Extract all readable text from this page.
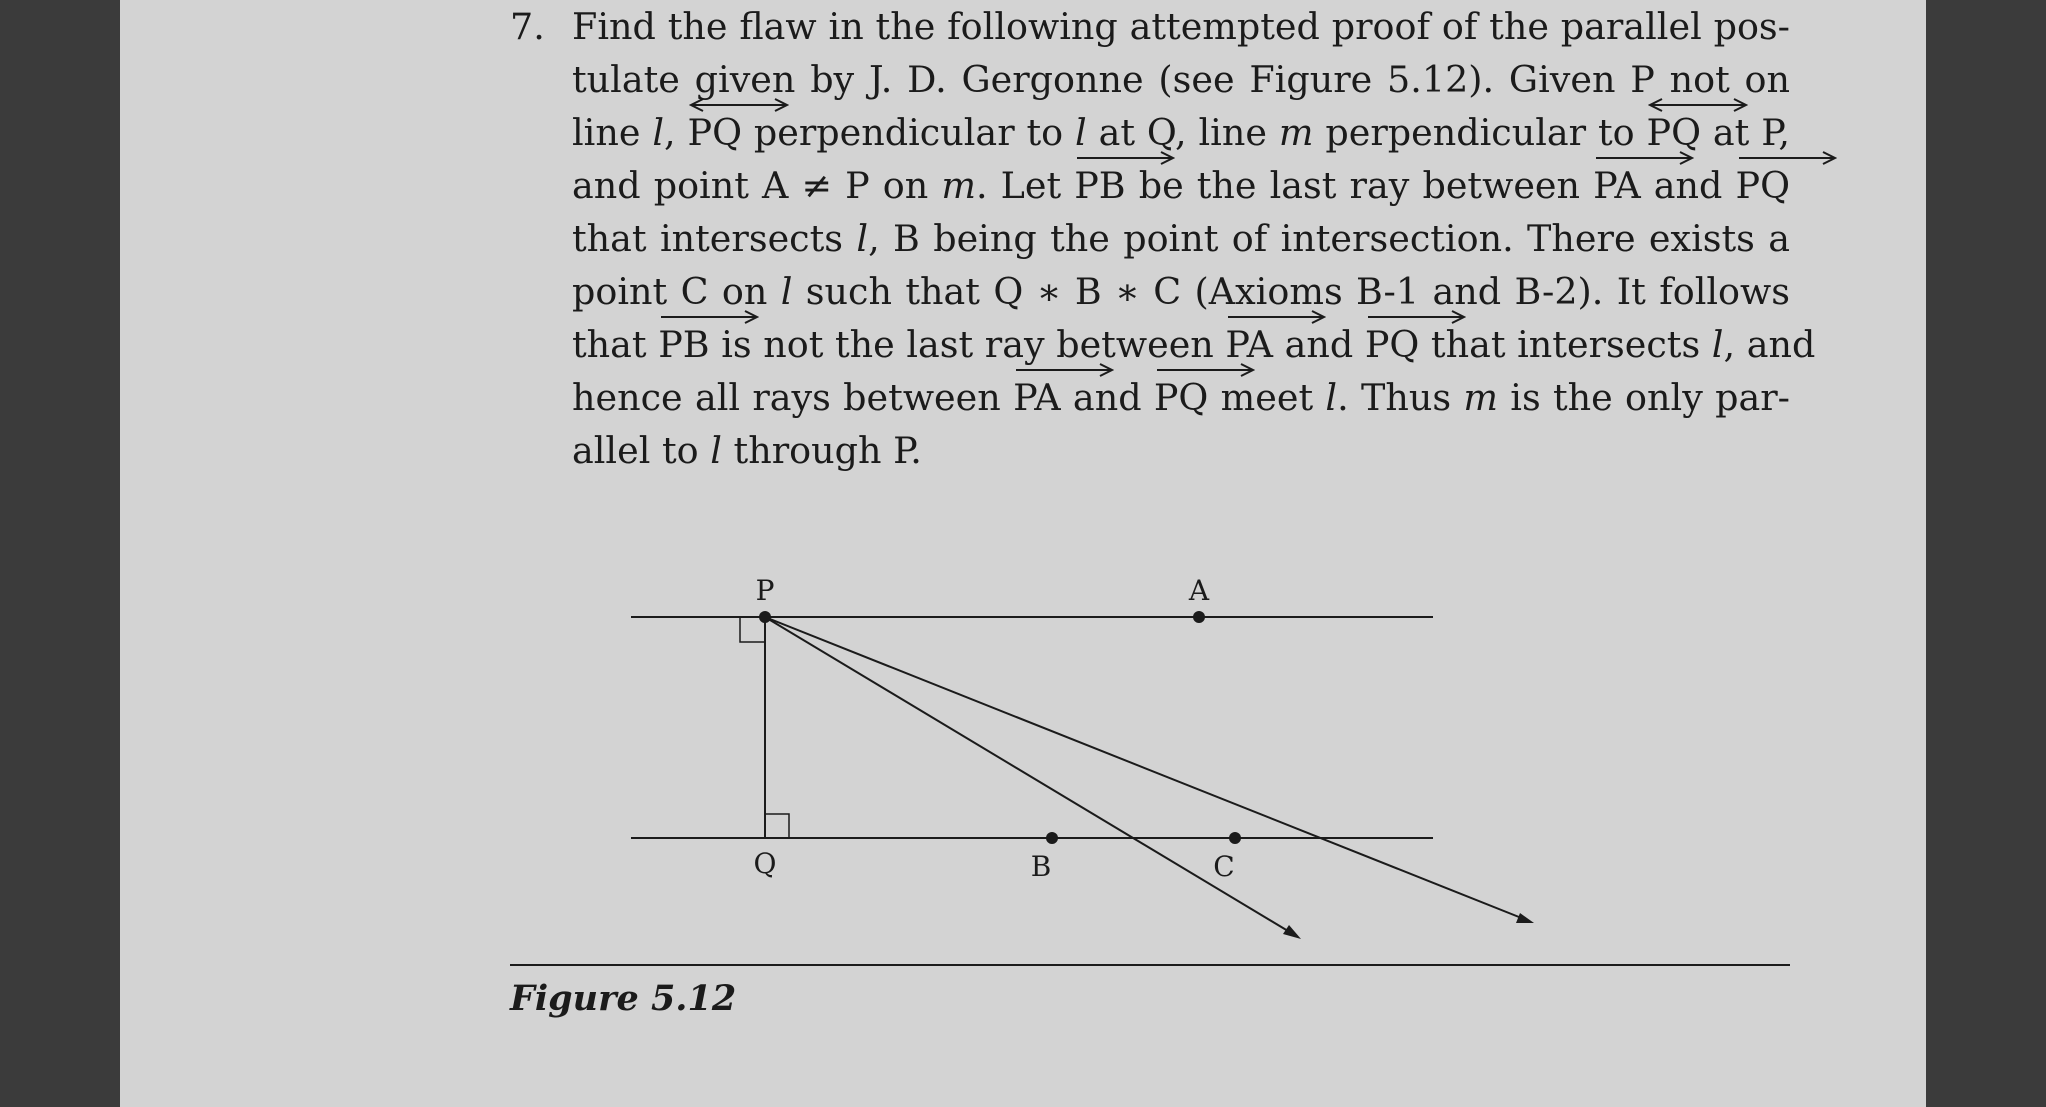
7. Find the flaw in the following attempted proof of the parallel pos-
tulate given by J. D. Gergonne (see Figure 5.12). Given P not on
line l, PQ
perpendicular to l at Q, line m perpendicular to PQ
at P,
and point A ≠ P on m. Let PB
be the last ray between PA
and PQ
that intersects l, B being the point of intersection. There exists a
point C on l such that Q ∗ B ∗ C (Axioms B-1 and B-2). It follows
that PB
is not the last ray between PA
and PQ
that intersects l, and
hence all rays between PA
and PQ
meet l. Thus m is the only par-
allel to l through P.
P	A
Q	B	C
Figure 5.12
